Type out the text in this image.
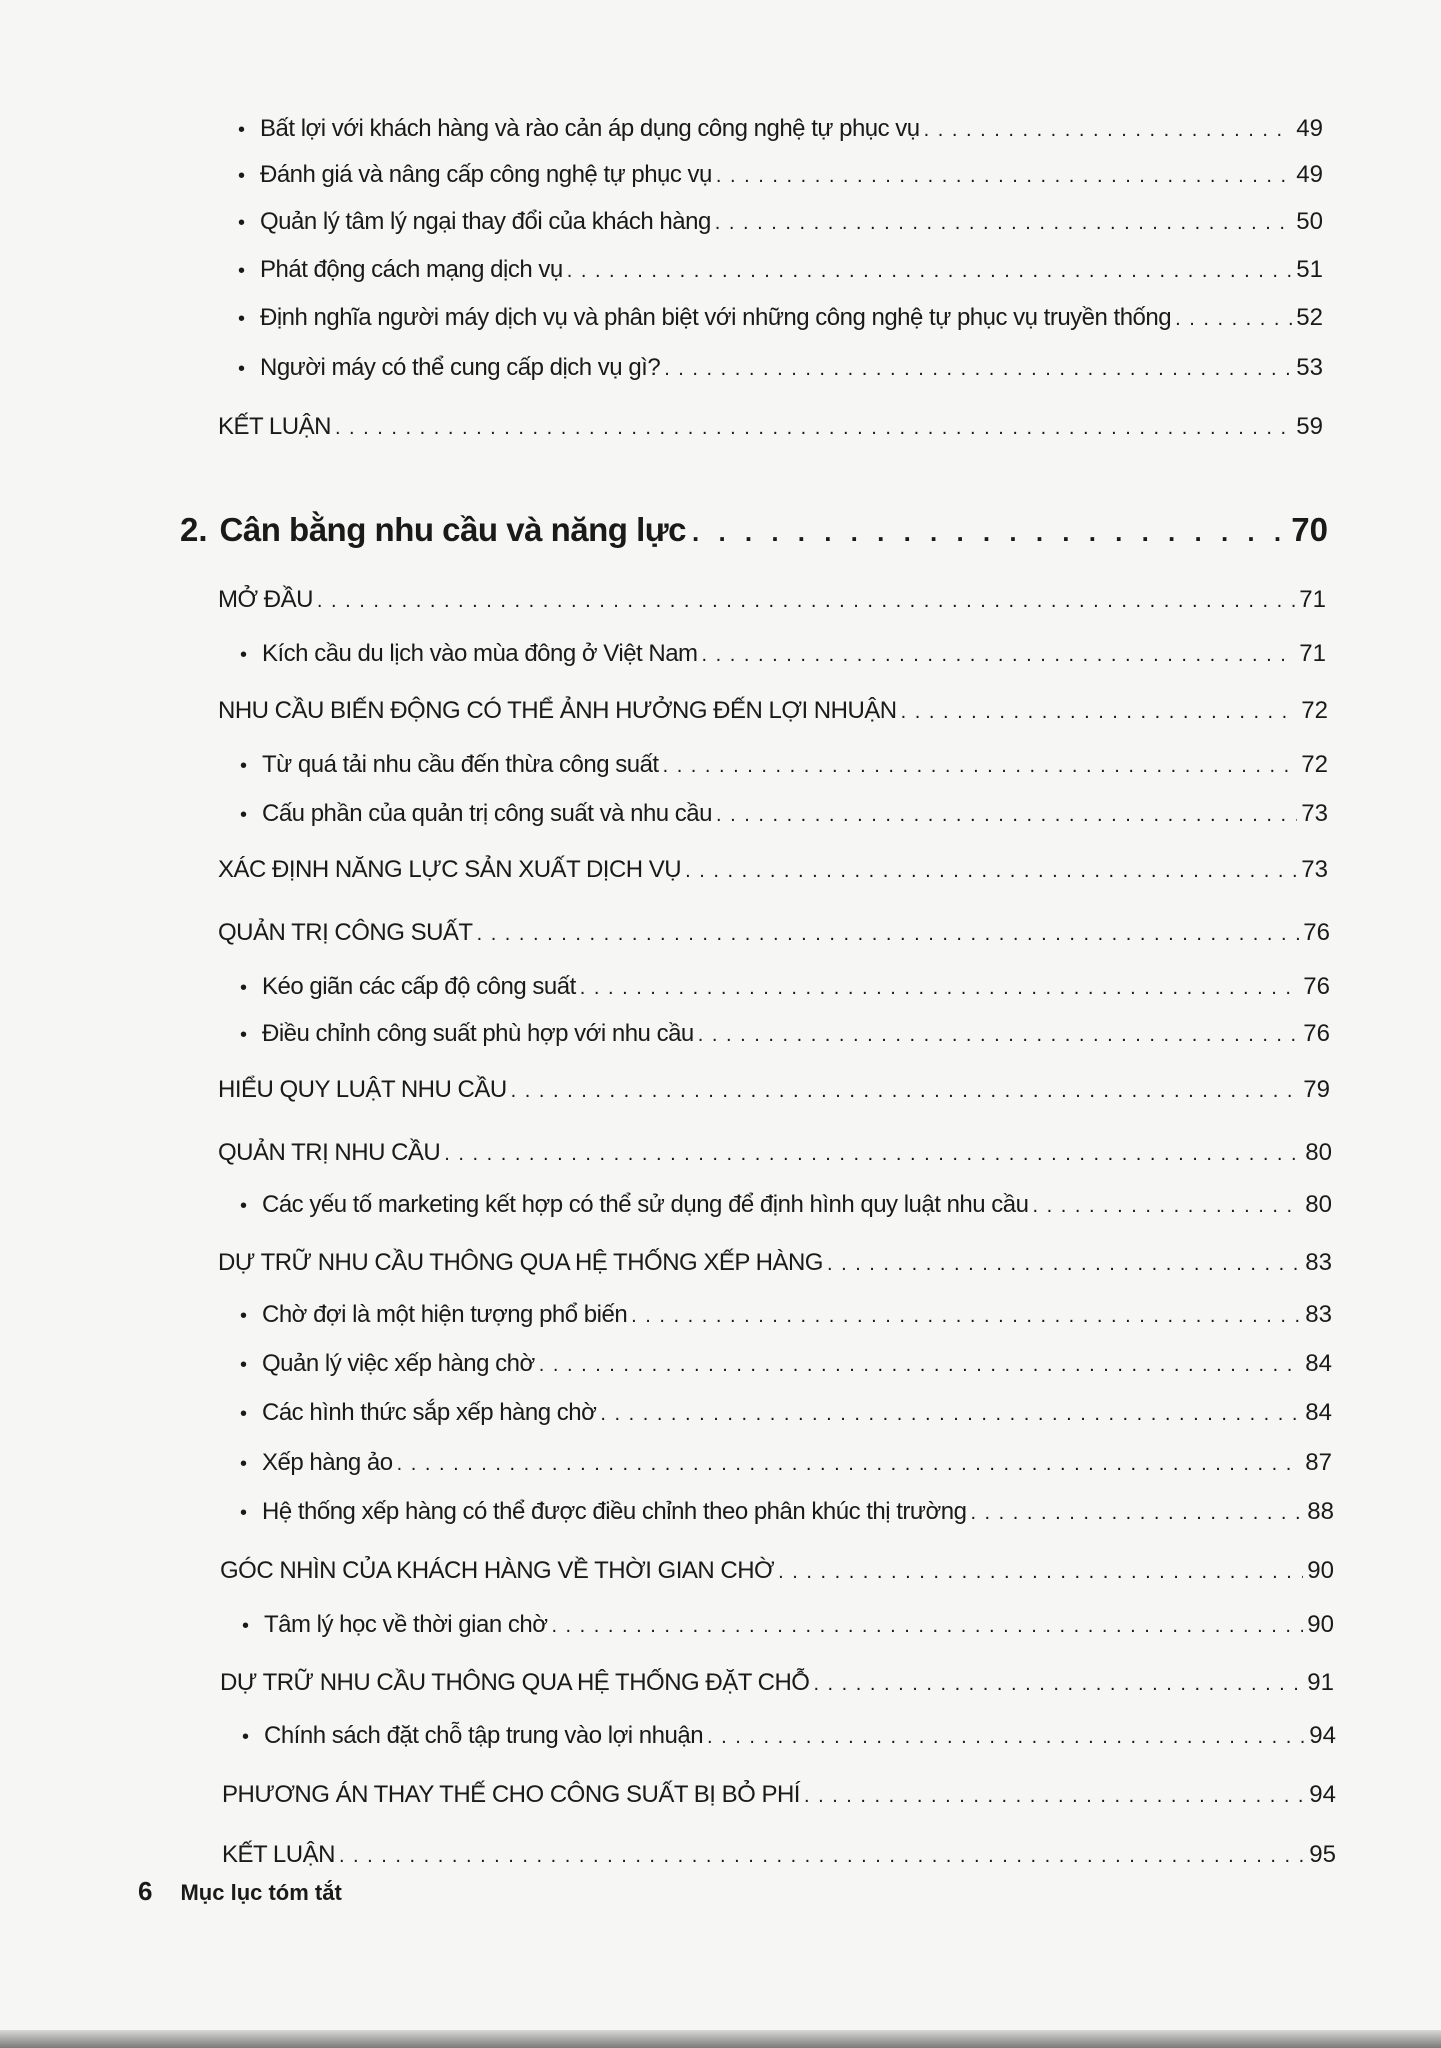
• Bất lợi với khách hàng và rào cản áp dụng công nghệ tự phục vụ . . .	49
• Đánh giá và nâng cấp công nghệ tự phục vụ . . .	49
• Quản lý tâm lý ngại thay đổi của khách hàng . . .	50
• Phát động cách mạng dịch vụ . . .	51
• Định nghĩa người máy dịch vụ và phân biệt với những công nghệ tự phục vụ truyền thống . . .	52
• Người máy có thể cung cấp dịch vụ gì? . . .	53
KẾT LUẬN . . .	59
2. Cân bằng nhu cầu và năng lực . . .	70
MỞ ĐẦU . . .	71
• Kích cầu du lịch vào mùa đông ở Việt Nam . . .	71
NHU CẦU BIẾN ĐỘNG CÓ THỂ ẢNH HƯỞNG ĐẾN LỢI NHUẬN . . .	72
• Từ quá tải nhu cầu đến thừa công suất . . .	72
• Cấu phần của quản trị công suất và nhu cầu . . .	73
XÁC ĐỊNH NĂNG LỰC SẢN XUẤT DỊCH VỤ . . .	73
QUẢN TRỊ CÔNG SUẤT . . .	76
• Kéo giãn các cấp độ công suất . . .	76
• Điều chỉnh công suất phù hợp với nhu cầu . . .	76
HIỂU QUY LUẬT NHU CẦU . . .	79
QUẢN TRỊ NHU CẦU . . .	80
• Các yếu tố marketing kết hợp có thể sử dụng để định hình quy luật nhu cầu . . .	80
DỰ TRỮ NHU CẦU THÔNG QUA HỆ THỐNG XẾP HÀNG . . .	83
• Chờ đợi là một hiện tượng phổ biến . . .	83
• Quản lý việc xếp hàng chờ . . .	84
• Các hình thức sắp xếp hàng chờ . . .	84
• Xếp hàng ảo . . .	87
• Hệ thống xếp hàng có thể được điều chỉnh theo phân khúc thị trường . . .	88
GÓC NHÌN CỦA KHÁCH HÀNG VỀ THỜI GIAN CHỜ . . .	90
• Tâm lý học về thời gian chờ . . .	90
DỰ TRỮ NHU CẦU THÔNG QUA HỆ THỐNG ĐẶT CHỖ . . .	91
• Chính sách đặt chỗ tập trung vào lợi nhuận . . .	94
PHƯƠNG ÁN THAY THẾ CHO CÔNG SUẤT BỊ BỎ PHÍ . . .	94
KẾT LUẬN . . .	95
6 Mục lục tóm tắt
